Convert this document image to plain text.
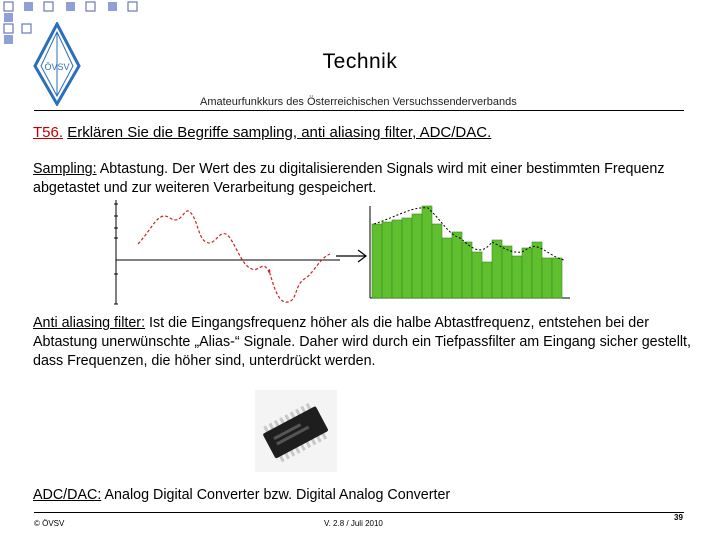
ÖVSV	Technik
Amateurfunkkurs des Österreichischen Versuchssenderverbands
T56. Erklären Sie die Begriffe sampling, anti aliasing filter, ADC/DAC.
Sampling: Abtastung. Der Wert des zu digitalisierenden Signals wird mit einer bestimmten Frequenz abgetastet und zur weiteren Verarbeitung gespeichert.
Anti aliasing filter: Ist die Eingangsfrequenz höher als die halbe Abtastfrequenz, entstehen bei der Abtastung unerwünschte „Alias-“ Signale. Daher wird durch ein Tiefpassfilter am Eingang sicher gestellt, dass Frequenzen, die höher sind, unterdrückt werden.
ADC/DAC: Analog Digital Converter bzw. Digital Analog Converter
© ÖVSV	V. 2.8 / Juli 2010
39
